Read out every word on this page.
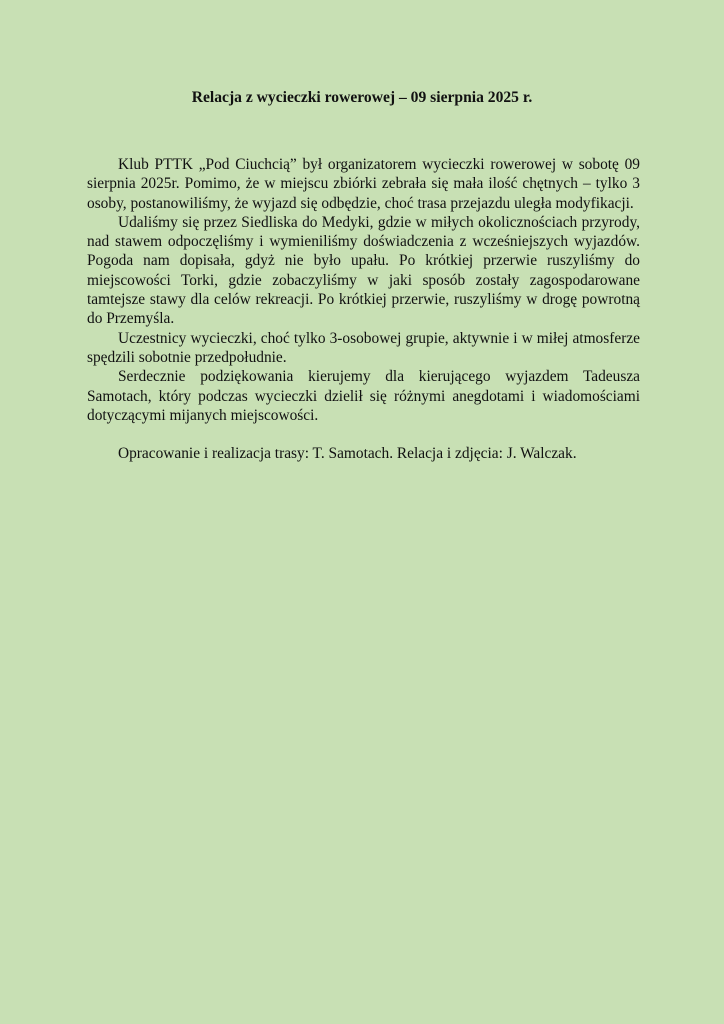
Relacja z wycieczki rowerowej – 09 sierpnia 2025 r.

Klub PTTK „Pod Ciuchcią” był organizatorem wycieczki rowerowej w sobotę 09 sierpnia 2025r. Pomimo, że w miejscu zbiórki zebrała się mała ilość chętnych – tylko 3 osoby, postanowiliśmy, że wyjazd się odbędzie, choć trasa przejazdu uległa modyfikacji.

Udaliśmy się przez Siedliska do Medyki, gdzie w miłych okolicznościach przyrody, nad stawem odpoczęliśmy i wymieniliśmy doświadczenia z wcześniejszych wyjazdów. Pogoda nam dopisała, gdyż nie było upału. Po krótkiej przerwie ruszyliśmy do miejscowości Torki, gdzie zobaczyliśmy w jaki sposób zostały zagospodarowane tamtejsze stawy dla celów rekreacji. Po krótkiej przerwie, ruszyliśmy w drogę powrotną do Przemyśla.

Uczestnicy wycieczki, choć tylko 3-osobowej grupie, aktywnie i w miłej atmosferze spędzili sobotnie przedpołudnie.

Serdecznie podziękowania kierujemy dla kierującego wyjazdem Tadeusza Samotach, który podczas wycieczki dzielił się różnymi anegdotami i wiadomościami dotyczącymi mijanych miejscowości.

Opracowanie i realizacja trasy: T. Samotach. Relacja i zdjęcia: J. Walczak.
